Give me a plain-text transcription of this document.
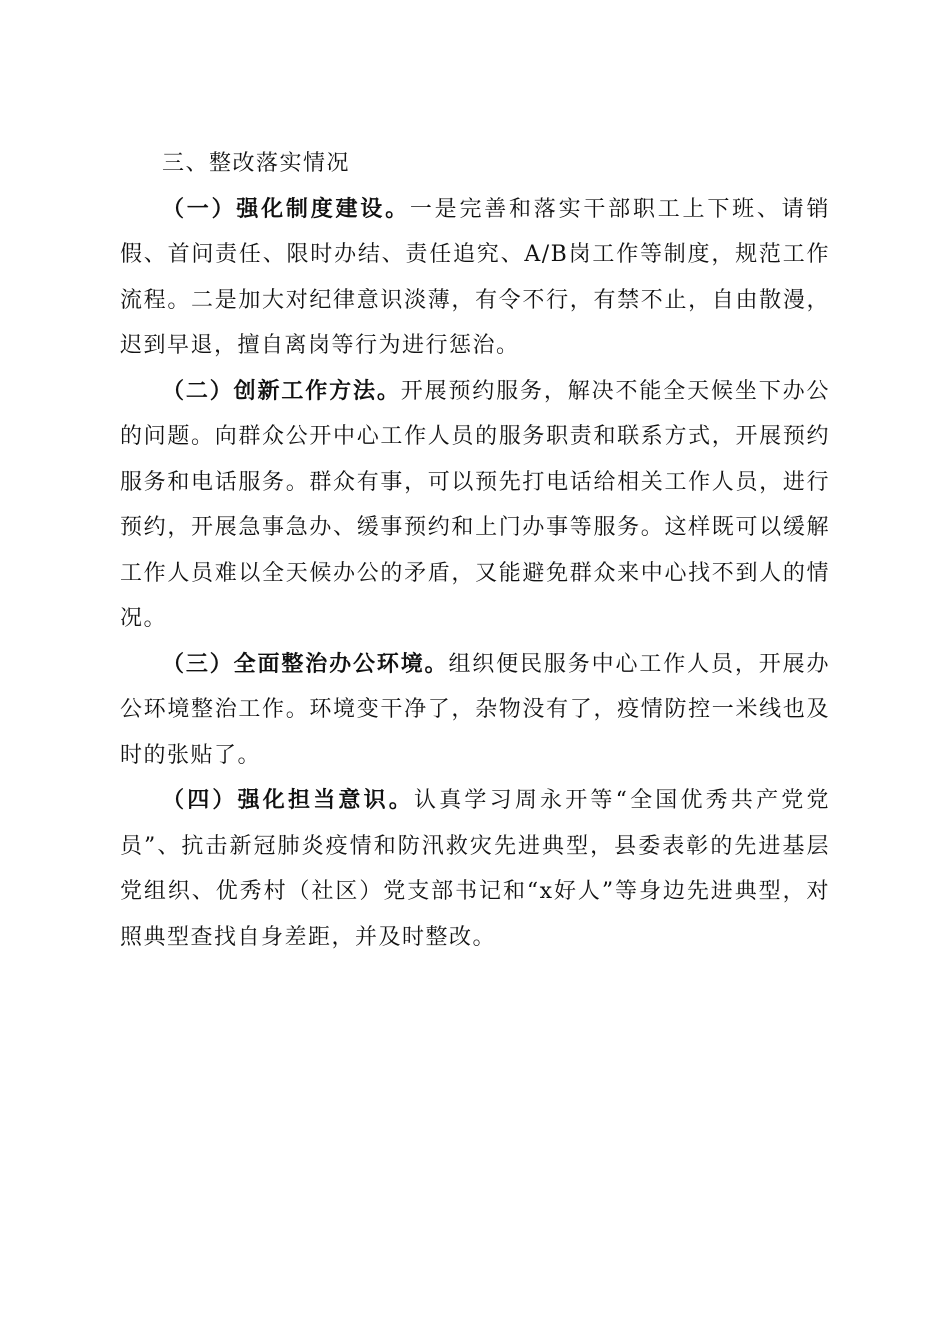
三、整改落实情况

（一）强化制度建设。一是完善和落实干部职工上下班、请销假、首问责任、限时办结、责任追究、A/B岗工作等制度，规范工作流程。二是加大对纪律意识淡薄，有令不行，有禁不止，自由散漫，迟到早退，擅自离岗等行为进行惩治。

（二）创新工作方法。开展预约服务，解决不能全天候坐下办公的问题。向群众公开中心工作人员的服务职责和联系方式，开展预约服务和电话服务。群众有事，可以预先打电话给相关工作人员，进行预约，开展急事急办、缓事预约和上门办事等服务。这样既可以缓解工作人员难以全天候办公的矛盾，又能避免群众来中心找不到人的情况。

（三）全面整治办公环境。组织便民服务中心工作人员，开展办公环境整治工作。环境变干净了，杂物没有了，疫情防控一米线也及时的张贴了。

（四）强化担当意识。认真学习周永开等“全国优秀共产党党员”、抗击新冠肺炎疫情和防汛救灾先进典型，县委表彰的先进基层党组织、优秀村（社区）党支部书记和“x好人”等身边先进典型，对照典型查找自身差距，并及时整改。
